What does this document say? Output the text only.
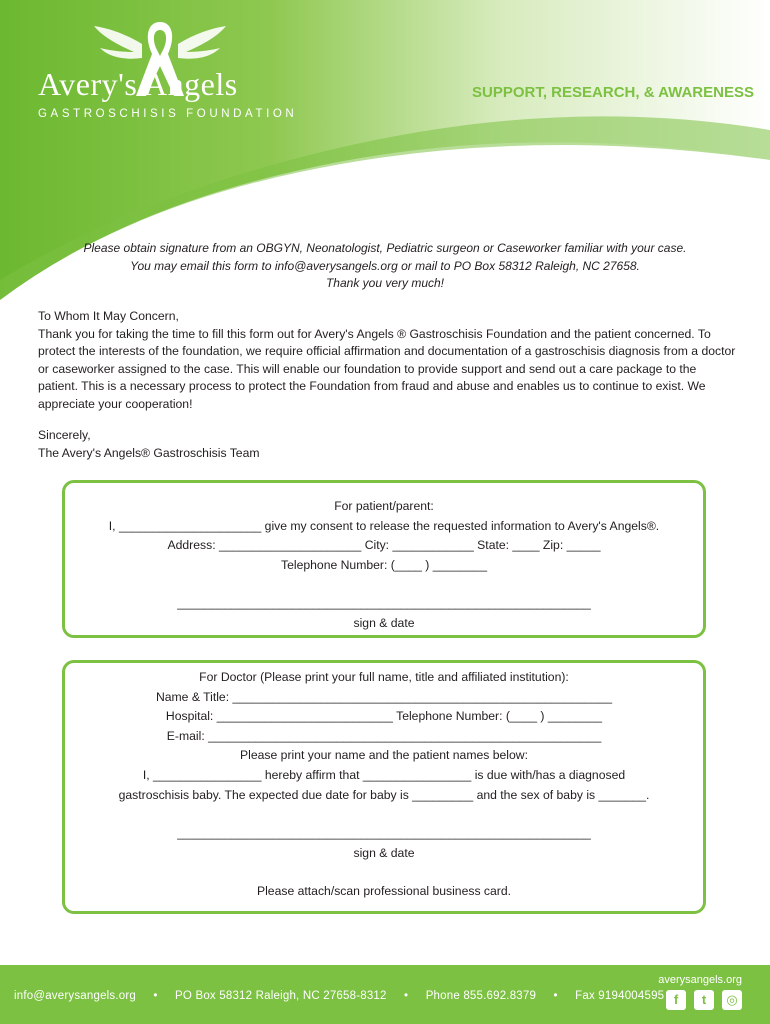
Avery's Angels
GASTROSCHISIS FOUNDATION
SUPPORT, RESEARCH, & AWARENESS
Please obtain signature from an OBGYN, Neonatologist, Pediatric surgeon or Caseworker familiar with your case.
You may email this form to info@averysangels.org or mail to PO Box 58312 Raleigh, NC 27658.
Thank you very much!

To Whom It May Concern,

Thank you for taking the time to fill this form out for Avery's Angels ® Gastroschisis Foundation and the patient concerned. To protect the interests of the foundation, we require official affirmation and documentation of a gastroschisis diagnosis from a doctor or caseworker assigned to the case. This will enable our foundation to provide support and send out a care package to the patient. This is a necessary process to protect the Foundation from fraud and abuse and enables us to continue to exist. We appreciate your cooperation!

Sincerely,
The Avery's Angels® Gastroschisis Team
For patient/parent:
I, _____________________ give my consent to release the requested information to Avery's Angels®.
Address: _____________________ City: ____________ State: ____ Zip: _____
Telephone Number: (____ ) ________
_____________________________________________________________
sign & date
For Doctor (Please print your full name, title and affiliated institution):
Name & Title: ________________________________________________________
Hospital: __________________________ Telephone Number: (____ ) ________
E-mail: __________________________________________________________
Please print your name and the patient names below:
I, ________________ hereby affirm that ________________ is due with/has a diagnosed
gastroschisis baby. The expected due date for baby is _________ and the sex of baby is _______.
_____________________________________________________________
sign & date
Please attach/scan professional business card.
info@averysangels.org • PO Box 58312 Raleigh, NC 27658-8312 • Phone 855.692.8379 • Fax 9194004595
averysangels.org
f	t	◎
